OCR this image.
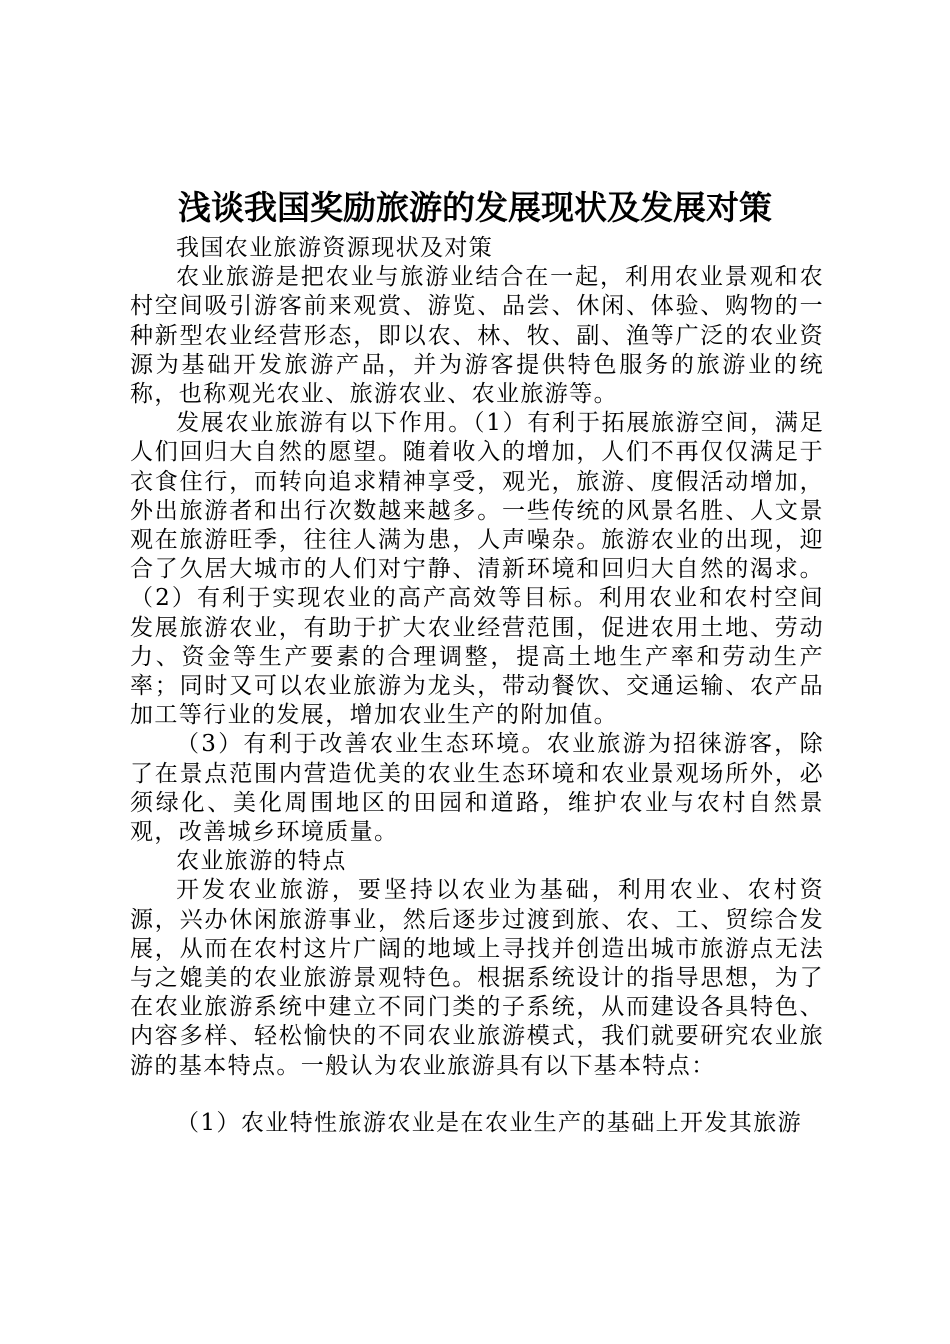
浅谈我国奖励旅游的发展现状及发展对策

我国农业旅游资源现状及对策

农业旅游是把农业与旅游业结合在一起，利用农业景观和农村空间吸引游客前来观赏、游览、品尝、休闲、体验、购物的一种新型农业经营形态，即以农、林、牧、副、渔等广泛的农业资源为基础开发旅游产品，并为游客提供特色服务的旅游业的统称，也称观光农业、旅游农业、农业旅游等。

发展农业旅游有以下作用。（1）有利于拓展旅游空间，满足人们回归大自然的愿望。随着收入的增加，人们不再仅仅满足于衣食住行，而转向追求精神享受，观光，旅游、度假活动增加，外出旅游者和出行次数越来越多。一些传统的风景名胜、人文景观在旅游旺季，往往人满为患，人声噪杂。旅游农业的出现，迎合了久居大城市的人们对宁静、清新环境和回归大自然的渴求。（2）有利于实现农业的高产高效等目标。利用农业和农村空间发展旅游农业，有助于扩大农业经营范围，促进农用土地、劳动力、资金等生产要素的合理调整，提高土地生产率和劳动生产率；同时又可以农业旅游为龙头，带动餐饮、交通运输、农产品加工等行业的发展，增加农业生产的附加值。

（3）有利于改善农业生态环境。农业旅游为招徕游客，除了在景点范围内营造优美的农业生态环境和农业景观场所外，必须绿化、美化周围地区的田园和道路，维护农业与农村自然景观，改善城乡环境质量。

农业旅游的特点

开发农业旅游，要坚持以农业为基础，利用农业、农村资源，兴办休闲旅游事业，然后逐步过渡到旅、农、工、贸综合发展，从而在农村这片广阔的地域上寻找并创造出城市旅游点无法与之媲美的农业旅游景观特色。根据系统设计的指导思想，为了在农业旅游系统中建立不同门类的子系统，从而建设各具特色、内容多样、轻松愉快的不同农业旅游模式，我们就要研究农业旅游的基本特点。一般认为农业旅游具有以下基本特点：

（1）农业特性旅游农业是在农业生产的基础上开发其旅游
